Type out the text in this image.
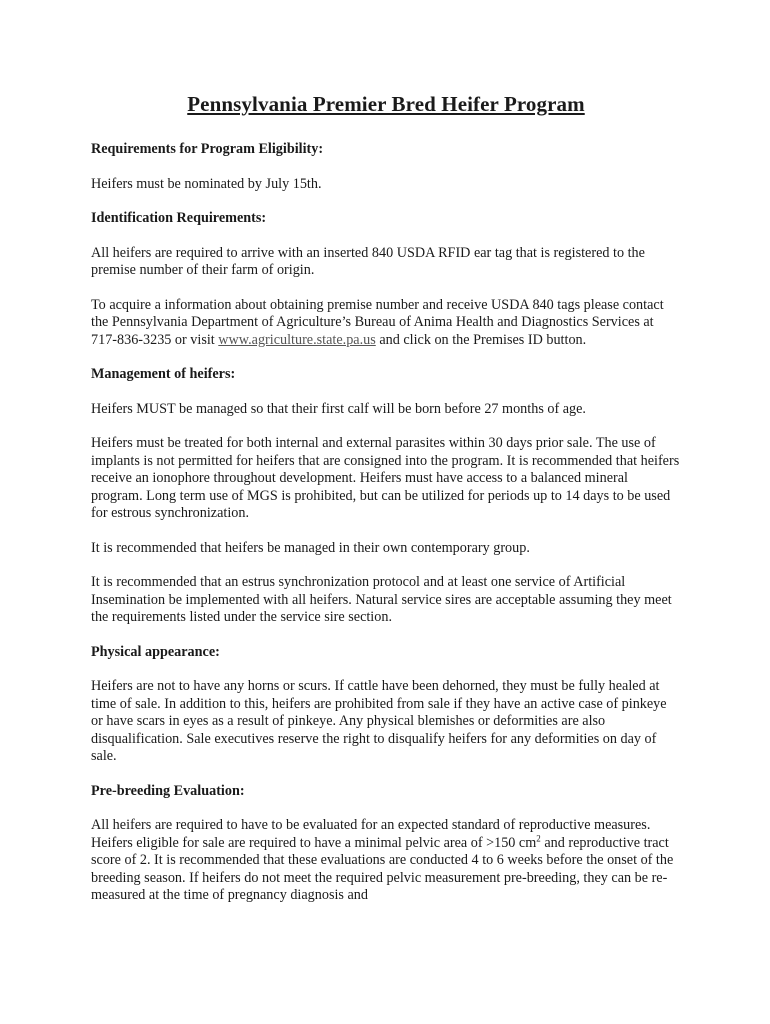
Pennsylvania Premier Bred Heifer Program
Requirements for Program Eligibility:

Heifers must be nominated by July 15th.

Identification Requirements:

All heifers are required to arrive with an inserted 840 USDA RFID ear tag that is registered to the premise number of their farm of origin.

To acquire a information about obtaining premise number and receive USDA 840 tags please contact the Pennsylvania Department of Agriculture’s Bureau of Anima Health and Diagnostics Services at 717-836-3235 or visit www.agriculture.state.pa.us and click on the Premises ID button.

Management of heifers:

Heifers MUST be managed so that their first calf will be born before 27 months of age.

Heifers must be treated for both internal and external parasites within 30 days prior sale. The use of implants is not permitted for heifers that are consigned into the program. It is recommended that heifers receive an ionophore throughout development. Heifers must have access to a balanced mineral program. Long term use of MGS is prohibited, but can be utilized for periods up to 14 days to be used for estrous synchronization.

It is recommended that heifers be managed in their own contemporary group.

It is recommended that an estrus synchronization protocol and at least one service of Artificial Insemination be implemented with all heifers. Natural service sires are acceptable assuming they meet the requirements listed under the service sire section.

Physical appearance:

Heifers are not to have any horns or scurs. If cattle have been dehorned, they must be fully healed at time of sale. In addition to this, heifers are prohibited from sale if they have an active case of pinkeye or have scars in eyes as a result of pinkeye. Any physical blemishes or deformities are also disqualification. Sale executives reserve the right to disqualify heifers for any deformities on day of sale.

Pre-breeding Evaluation:

All heifers are required to have to be evaluated for an expected standard of reproductive measures. Heifers eligible for sale are required to have a minimal pelvic area of >150 $cm^2$ and reproductive tract score of 2. It is recommended that these evaluations are conducted 4 to 6 weeks before the onset of the breeding season. If heifers do not meet the required pelvic measurement pre-breeding, they can be re-measured at the time of pregnancy diagnosis and
